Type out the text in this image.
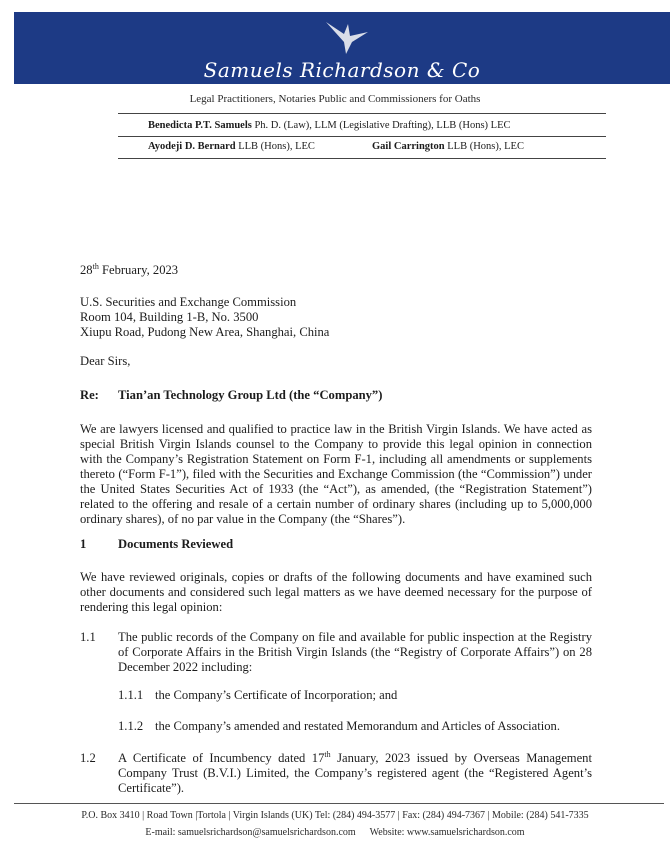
Samuels Richardson & Co
Legal Practitioners, Notaries Public and Commissioners for Oaths
Benedicta P.T. Samuels Ph. D. (Law), LLM (Legislative Drafting), LLB (Hons) LEC
Ayodeji D. Bernard LLB (Hons), LEC	Gail Carrington LLB (Hons), LEC
28th February, 2023
U.S. Securities and Exchange Commission
Room 104, Building 1-B, No. 3500
Xiupu Road, Pudong New Area, Shanghai, China
Dear Sirs,
Re: Tian’an Technology Group Ltd (the “Company”)
We are lawyers licensed and qualified to practice law in the British Virgin Islands. We have acted as special British Virgin Islands counsel to the Company to provide this legal opinion in connection with the Company’s Registration Statement on Form F-1, including all amendments or supplements thereto (“Form F-1”), filed with the Securities and Exchange Commission (the “Commission”) under the United States Securities Act of 1933 (the “Act”), as amended, (the “Registration Statement”) related to the offering and resale of a certain number of ordinary shares (including up to 5,000,000 ordinary shares), of no par value in the Company (the “Shares”).
1	Documents Reviewed
We have reviewed originals, copies or drafts of the following documents and have examined such other documents and considered such legal matters as we have deemed necessary for the purpose of rendering this legal opinion:
1.1 The public records of the Company on file and available for public inspection at the Registry of Corporate Affairs in the British Virgin Islands (the “Registry of Corporate Affairs”) on 28 December 2022 including:
1.1.1 the Company’s Certificate of Incorporation; and
1.1.2 the Company’s amended and restated Memorandum and Articles of Association.
1.2 A Certificate of Incumbency dated 17th January, 2023 issued by Overseas Management Company Trust (B.V.I.) Limited, the Company’s registered agent (the “Registered Agent’s Certificate”).
P.O. Box 3410 | Road Town |Tortola | Virgin Islands (UK) Tel: (284) 494-3577 | Fax: (284) 494-7367 | Mobile: (284) 541-7335
E-mail: samuelsrichardson@samuelsrichardson.com Website: www.samuelsrichardson.com
